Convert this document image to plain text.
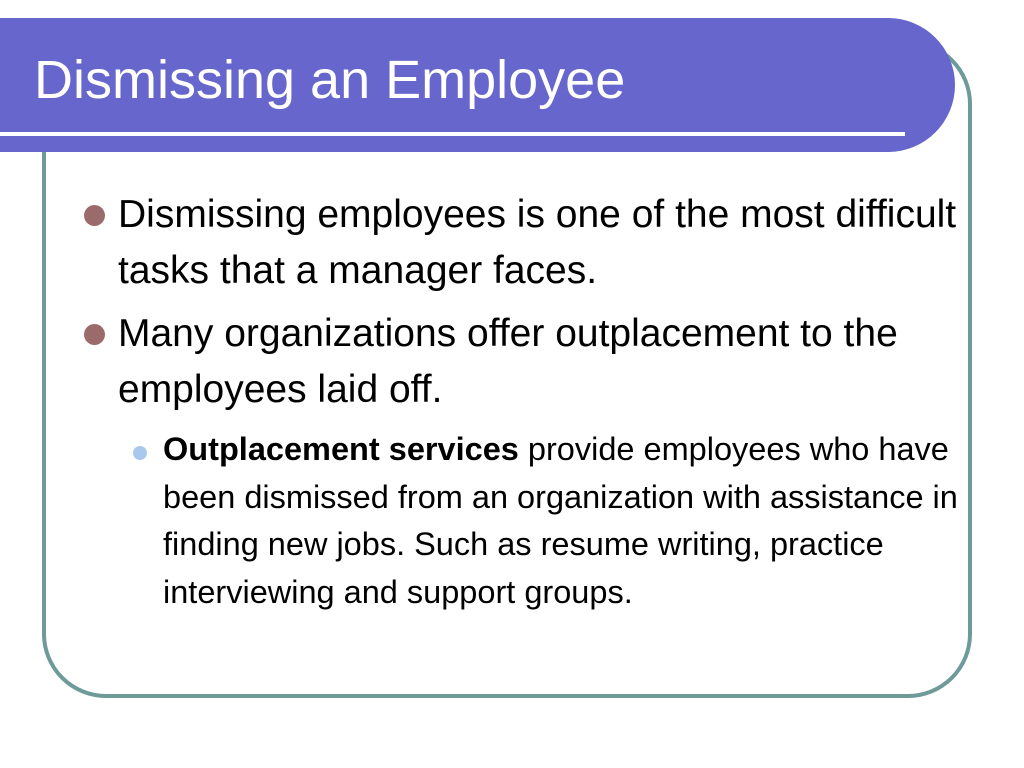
Dismissing an Employee
Dismissing employees is one of the most difficult tasks that a manager faces.
Many organizations offer outplacement to the employees laid off.
Outplacement services provide employees who have been dismissed from an organization with assistance in finding new jobs. Such as resume writing, practice interviewing and support groups.
